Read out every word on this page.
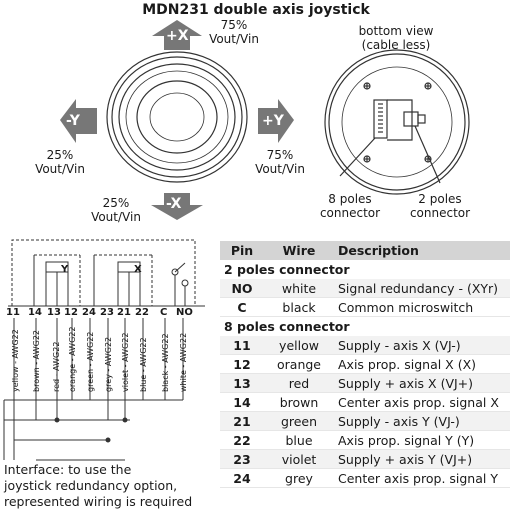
MDN231 double axis joystick
+X
-X
-Y	+Y
75%
Vout/Vin
25%
Vout/Vin
75%
Vout/Vin
25%
Vout/Vin
bottom view
(cable less)
8 poles
connector
2 poles
connector
Y	X
11 14 13 12 24 23 21 22 C NO
yellow - AWG22 brown - AWG22 red - AWG22 orange - AWG22 green - AWG22 grey - AWG22 violet - AWG22 blue - AWG22 black - AWG22 white - AWG22
Interface: to use the
joystick redundancy option,
represented wiring is required
Pin	Wire	Description
2 poles connector		
NO	white	Signal redundancy - (XYr)
C	black	Common microswitch
8 poles connector		
11	yellow	Supply - axis X (VJ-)
12	orange	Axis prop. signal X (X)
13	red	Supply + axis X (VJ+)
14	brown	Center axis prop. signal X
21	green	Supply - axis Y (VJ-)
22	blue	Axis prop. signal Y (Y)
23	violet	Supply + axis Y (VJ+)
24	grey	Center axis prop. signal Y
